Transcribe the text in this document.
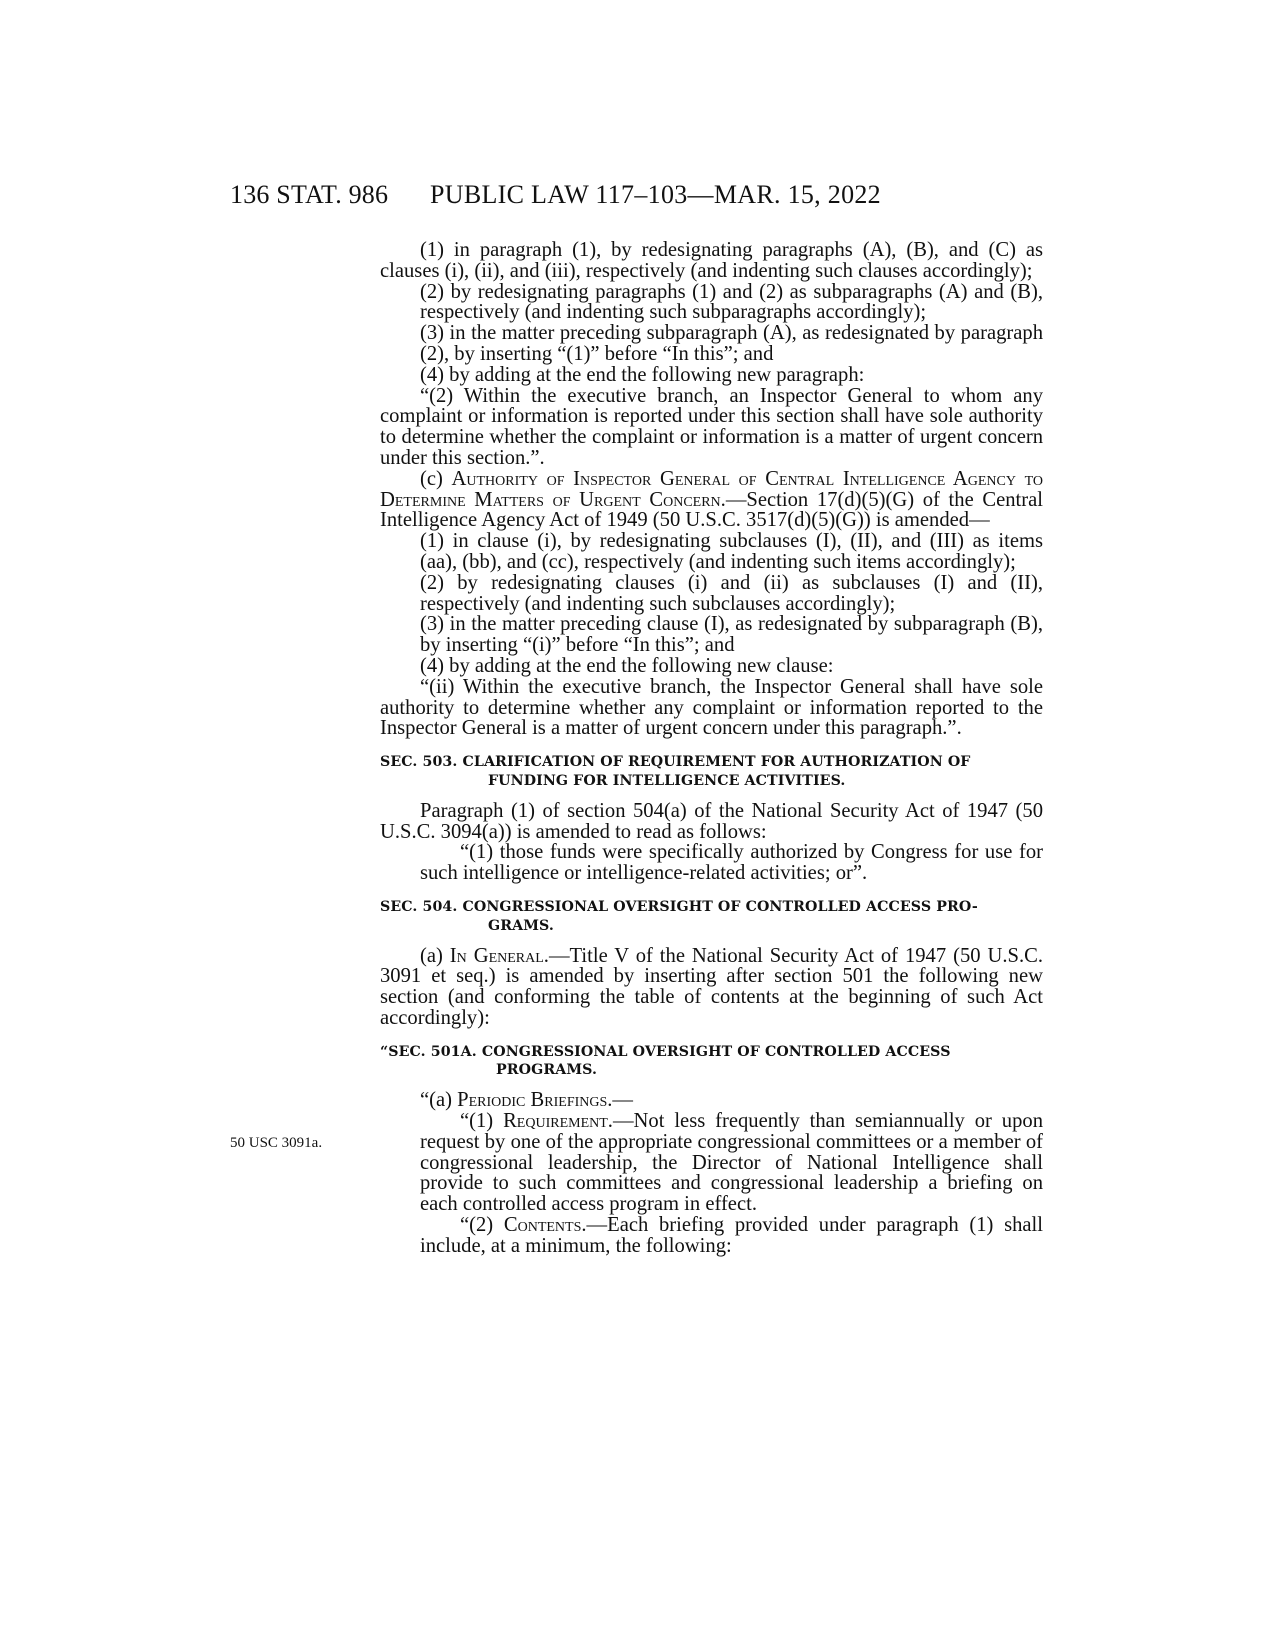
136 STAT. 986 PUBLIC LAW 117–103—MAR. 15, 2022
50 USC 3091a.

(1) in paragraph (1), by redesignating paragraphs (A), (B), and (C) as clauses (i), (ii), and (iii), respectively (and indenting such clauses accordingly);

(2) by redesignating paragraphs (1) and (2) as subparagraphs (A) and (B), respectively (and indenting such subparagraphs accordingly);

(3) in the matter preceding subparagraph (A), as redesignated by paragraph (2), by inserting “(1)” before “In this”; and

(4) by adding at the end the following new paragraph:

“(2) Within the executive branch, an Inspector General to whom any complaint or information is reported under this section shall have sole authority to determine whether the complaint or information is a matter of urgent concern under this section.”.

(c) Authority of Inspector General of Central Intelligence Agency to Determine Matters of Urgent Concern.—Section 17(d)(5)(G) of the Central Intelligence Agency Act of 1949 (50 U.S.C. 3517(d)(5)(G)) is amended—

(1) in clause (i), by redesignating subclauses (I), (II), and (III) as items (aa), (bb), and (cc), respectively (and indenting such items accordingly);

(2) by redesignating clauses (i) and (ii) as subclauses (I) and (II), respectively (and indenting such subclauses accordingly);

(3) in the matter preceding clause (I), as redesignated by subparagraph (B), by inserting “(i)” before “In this”; and

(4) by adding at the end the following new clause:

“(ii) Within the executive branch, the Inspector General shall have sole authority to determine whether any complaint or information reported to the Inspector General is a matter of urgent concern under this paragraph.”.

SEC. 503. CLARIFICATION OF REQUIREMENT FOR AUTHORIZATION OF
FUNDING FOR INTELLIGENCE ACTIVITIES.

Paragraph (1) of section 504(a) of the National Security Act of 1947 (50 U.S.C. 3094(a)) is amended to read as follows:

“(1) those funds were specifically authorized by Congress for use for such intelligence or intelligence-related activities; or”.

SEC. 504. CONGRESSIONAL OVERSIGHT OF CONTROLLED ACCESS PRO-
GRAMS.

(a) In General.—Title V of the National Security Act of 1947 (50 U.S.C. 3091 et seq.) is amended by inserting after section 501 the following new section (and conforming the table of contents at the beginning of such Act accordingly):

“SEC. 501A. CONGRESSIONAL OVERSIGHT OF CONTROLLED ACCESS
PROGRAMS.

“(a) Periodic Briefings.—

“(1) Requirement.—Not less frequently than semiannually or upon request by one of the appropriate congressional committees or a member of congressional leadership, the Director of National Intelligence shall provide to such committees and congressional leadership a briefing on each controlled access program in effect.

“(2) Contents.—Each briefing provided under paragraph (1) shall include, at a minimum, the following:
